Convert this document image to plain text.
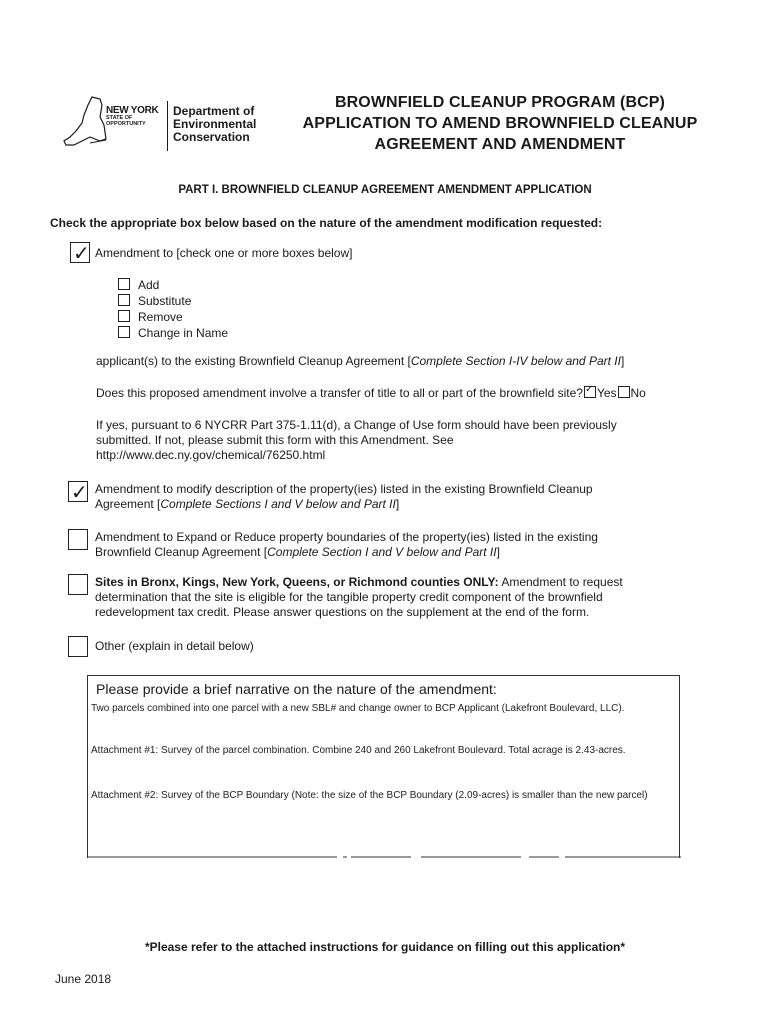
NEW YORK
STATE OF
OPPORTUNITY
Department of
Environmental
Conservation
BROWNFIELD CLEANUP PROGRAM (BCP)
APPLICATION TO AMEND BROWNFIELD CLEANUP
AGREEMENT AND AMENDMENT
PART I. BROWNFIELD CLEANUP AGREEMENT AMENDMENT APPLICATION
Check the appropriate box below based on the nature of the amendment modification requested:
✓ Amendment to [check one or more boxes below]
Add
Substitute
Remove
Change in Name
applicant(s) to the existing Brownfield Cleanup Agreement [Complete Section I-IV below and Part II]
Does this proposed amendment involve a transfer of title to all or part of the brownfield site? ✓ Yes No
If yes, pursuant to 6 NYCRR Part 375-1.11(d), a Change of Use form should have been previously
submitted. If not, please submit this form with this Amendment. See
http://www.dec.ny.gov/chemical/76250.html
✓ Amendment to modify description of the property(ies) listed in the existing Brownfield Cleanup
Agreement [Complete Sections I and V below and Part II]
Amendment to Expand or Reduce property boundaries of the property(ies) listed in the existing
Brownfield Cleanup Agreement [Complete Section I and V below and Part II]
Sites in Bronx, Kings, New York, Queens, or Richmond counties ONLY: Amendment to request
determination that the site is eligible for the tangible property credit component of the brownfield
redevelopment tax credit. Please answer questions on the supplement at the end of the form.
Other (explain in detail below)
Please provide a brief narrative on the nature of the amendment:
Two parcels combined into one parcel with a new SBL# and change owner to BCP Applicant (Lakefront Boulevard, LLC).
Attachment #1: Survey of the parcel combination. Combine 240 and 260 Lakefront Boulevard. Total acrage is 2.43-acres.
Attachment #2: Survey of the BCP Boundary (Note: the size of the BCP Boundary (2.09-acres) is smaller than the new parcel)
*Please refer to the attached instructions for guidance on filling out this application*
June 2018
